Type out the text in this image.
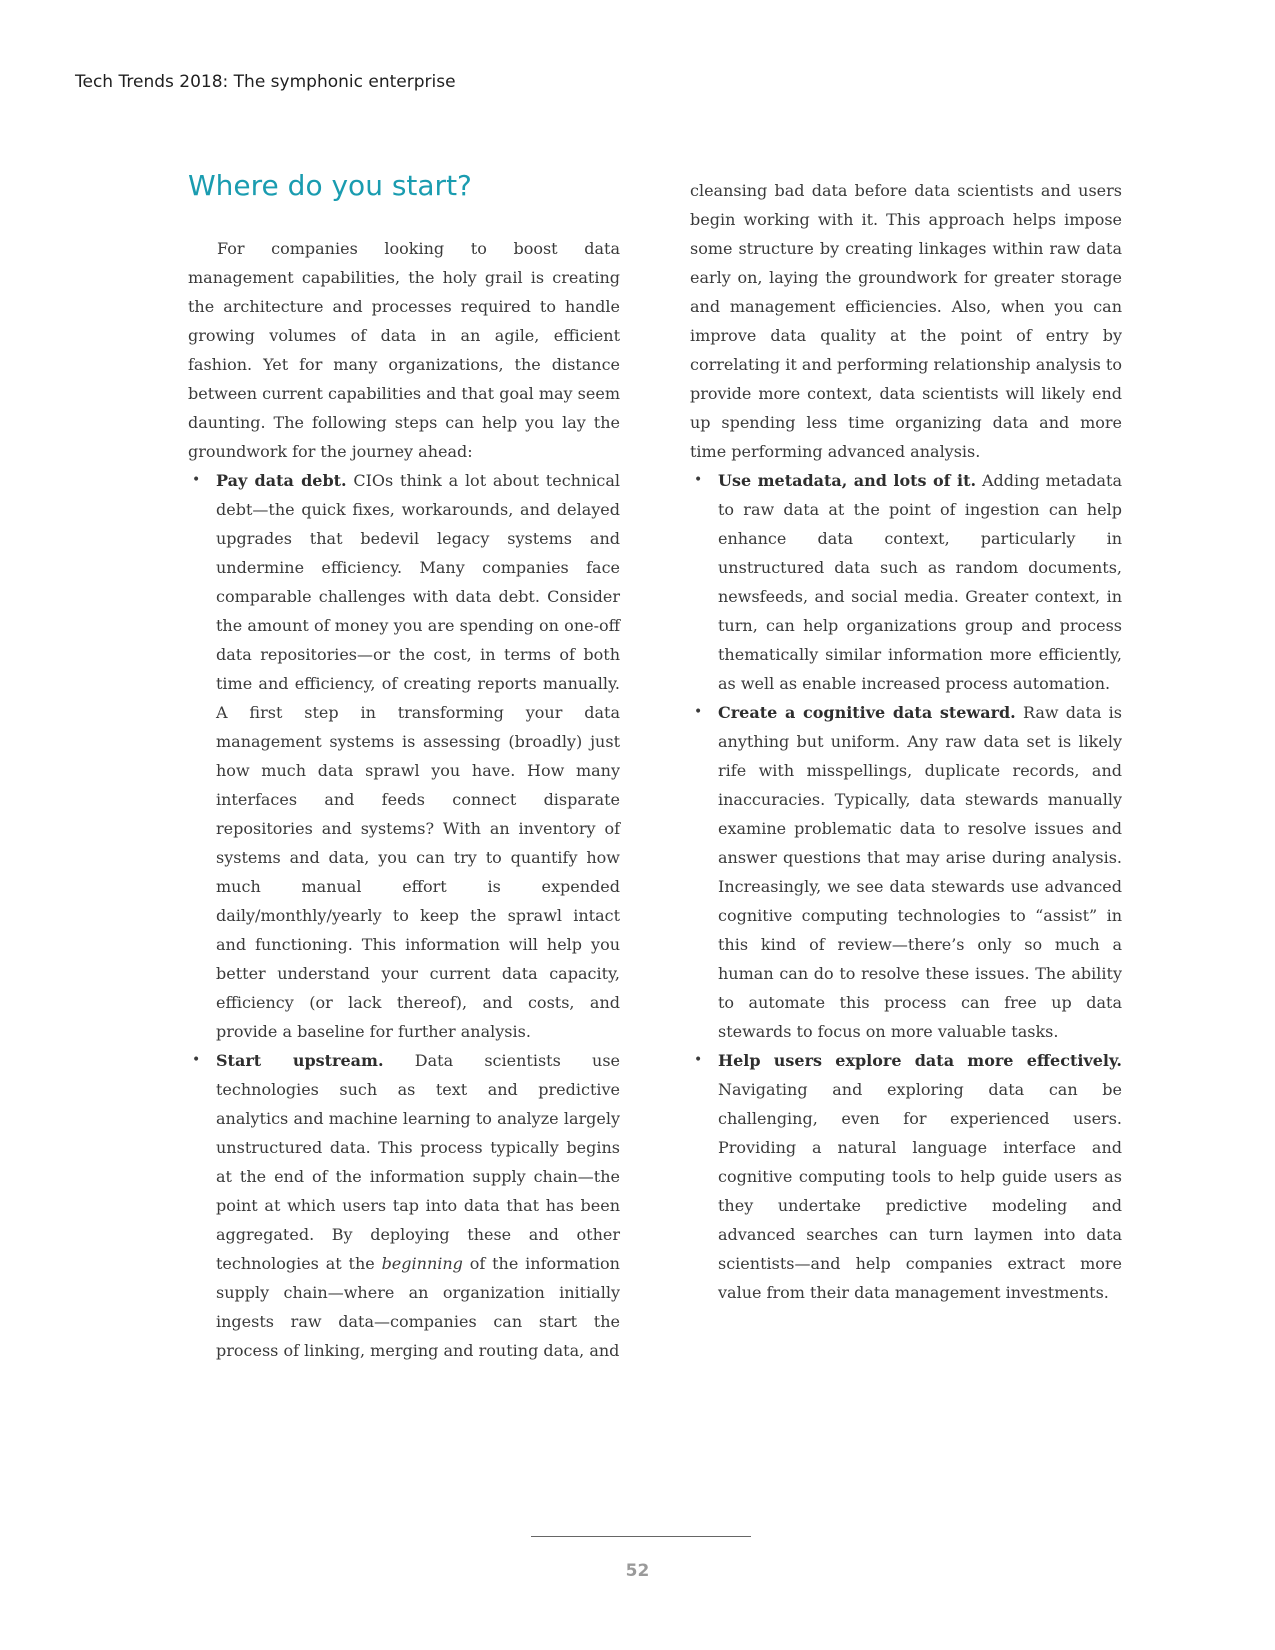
Tech Trends 2018: The symphonic enterprise
Where do you start?

For companies looking to boost data management capabilities, the holy grail is creating the architecture and processes required to handle growing volumes of data in an agile, efficient fashion. Yet for many organizations, the distance between current capabilities and that goal may seem daunting. The following steps can help you lay the groundwork for the journey ahead:

• Pay data debt. CIOs think a lot about technical debt—the quick fixes, workarounds, and delayed upgrades that bedevil legacy systems and undermine efficiency. Many companies face comparable challenges with data debt. Consider the amount of money you are spending on one-off data repositories—or the cost, in terms of both time and efficiency, of creating reports manually. A first step in transforming your data management systems is assessing (broadly) just how much data sprawl you have. How many interfaces and feeds connect disparate repositories and systems? With an inventory of systems and data, you can try to quantify how much manual effort is expended daily/monthly/yearly to keep the sprawl intact and functioning. This information will help you better understand your current data capacity, efficiency (or lack thereof), and costs, and provide a baseline for further analysis.
• Start upstream. Data scientists use technologies such as text and predictive analytics and machine learning to analyze largely unstructured data. This process typically begins at the end of the information supply chain—the point at which users tap into data that has been aggregated. By deploying these and other technologies at the beginning of the information supply chain—where an organization initially ingests raw data—companies can start the process of linking, merging and routing data, and

cleansing bad data before data scientists and users begin working with it. This approach helps impose some structure by creating linkages within raw data early on, laying the groundwork for greater storage and management efficiencies. Also, when you can improve data quality at the point of entry by correlating it and performing relationship analysis to provide more context, data scientists will likely end up spending less time organizing data and more time performing advanced analysis.

• Use metadata, and lots of it. Adding metadata to raw data at the point of ingestion can help enhance data context, particularly in unstructured data such as random documents, newsfeeds, and social media. Greater context, in turn, can help organizations group and process thematically similar information more efficiently, as well as enable increased process automation.
• Create a cognitive data steward. Raw data is anything but uniform. Any raw data set is likely rife with misspellings, duplicate records, and inaccuracies. Typically, data stewards manually examine problematic data to resolve issues and answer questions that may arise during analysis. Increasingly, we see data stewards use advanced cognitive computing technologies to “assist” in this kind of review—there’s only so much a human can do to resolve these issues. The ability to automate this process can free up data stewards to focus on more valuable tasks.
• Help users explore data more effectively. Navigating and exploring data can be challenging, even for experienced users. Providing a natural language interface and cognitive computing tools to help guide users as they undertake predictive modeling and advanced searches can turn laymen into data scientists—and help companies extract more value from their data management investments.
52
